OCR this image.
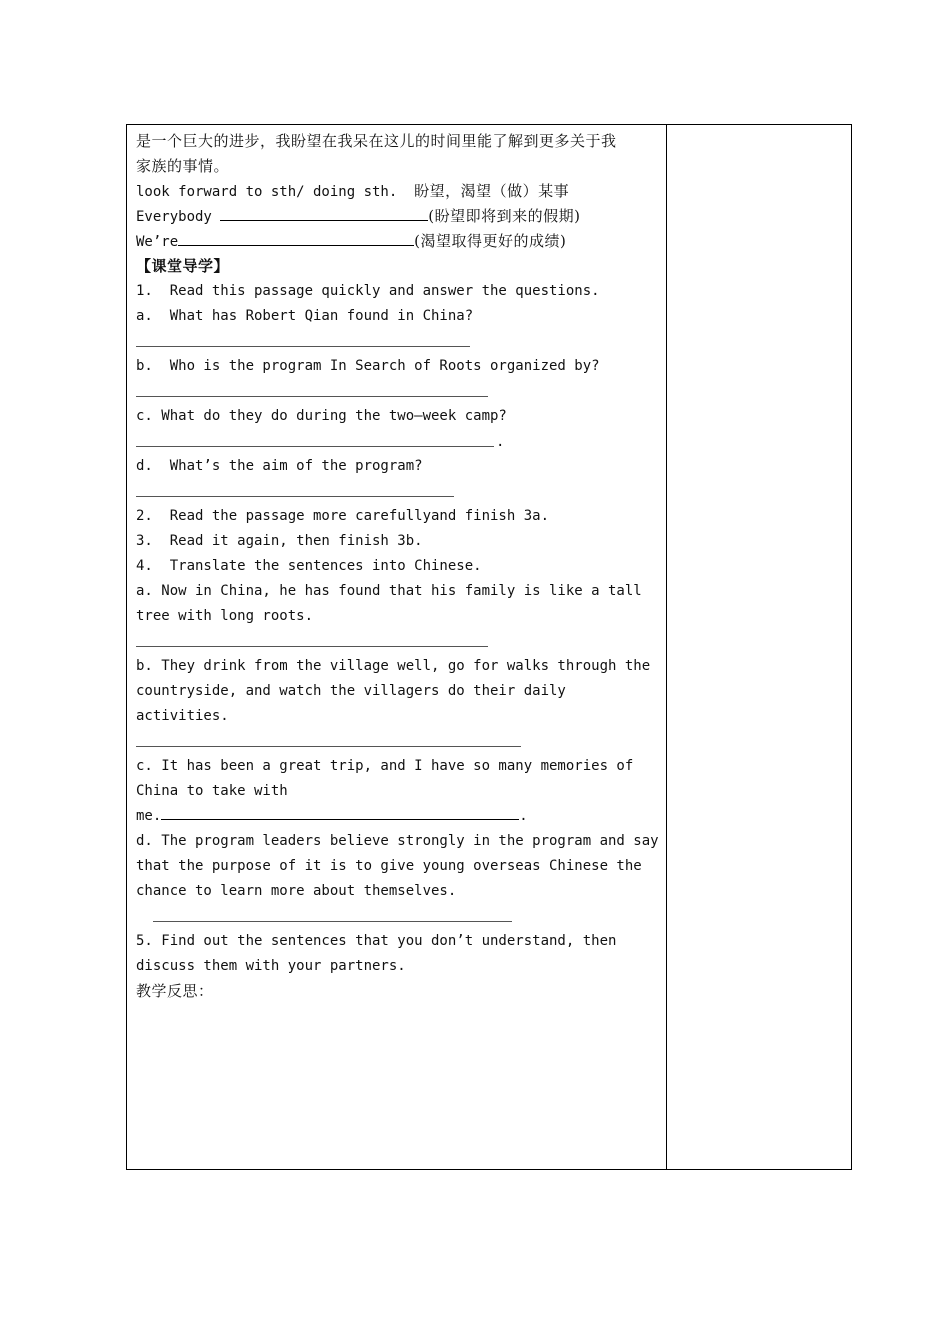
是一个巨大的进步，我盼望在我呆在这儿的时间里能了解到更多关于我
家族的事情。
look forward to sth/ doing sth. 盼望，渴望（做）某事
Everybody	(盼望即将到来的假期)
We’re	(渴望取得更好的成绩)
【课堂导学】
1.  Read this passage quickly and answer the questions.
a.  What has Robert Qian found in China?
b.  Who is the program In Search of Roots organized by?
c. What do they do during the two—week camp?
.
d.  What’s the aim of the program?
2.  Read the passage more carefullyand finish 3a.
3.  Read it again, then finish 3b.
4.  Translate the sentences into Chinese.
a. Now in China, he has found that his family is like a tall
tree with long roots.
b. They drink from the village well, go for walks through the
countryside, and watch the villagers do their daily
activities.
c. It has been a great trip, and I have so many memories of
China to take with
me.	.
d. The program leaders believe strongly in the program and say
that the purpose of it is to give young overseas Chinese the
chance to learn more about themselves.
5. Find out the sentences that you don’t understand, then
discuss them with your partners.
教学反思：
